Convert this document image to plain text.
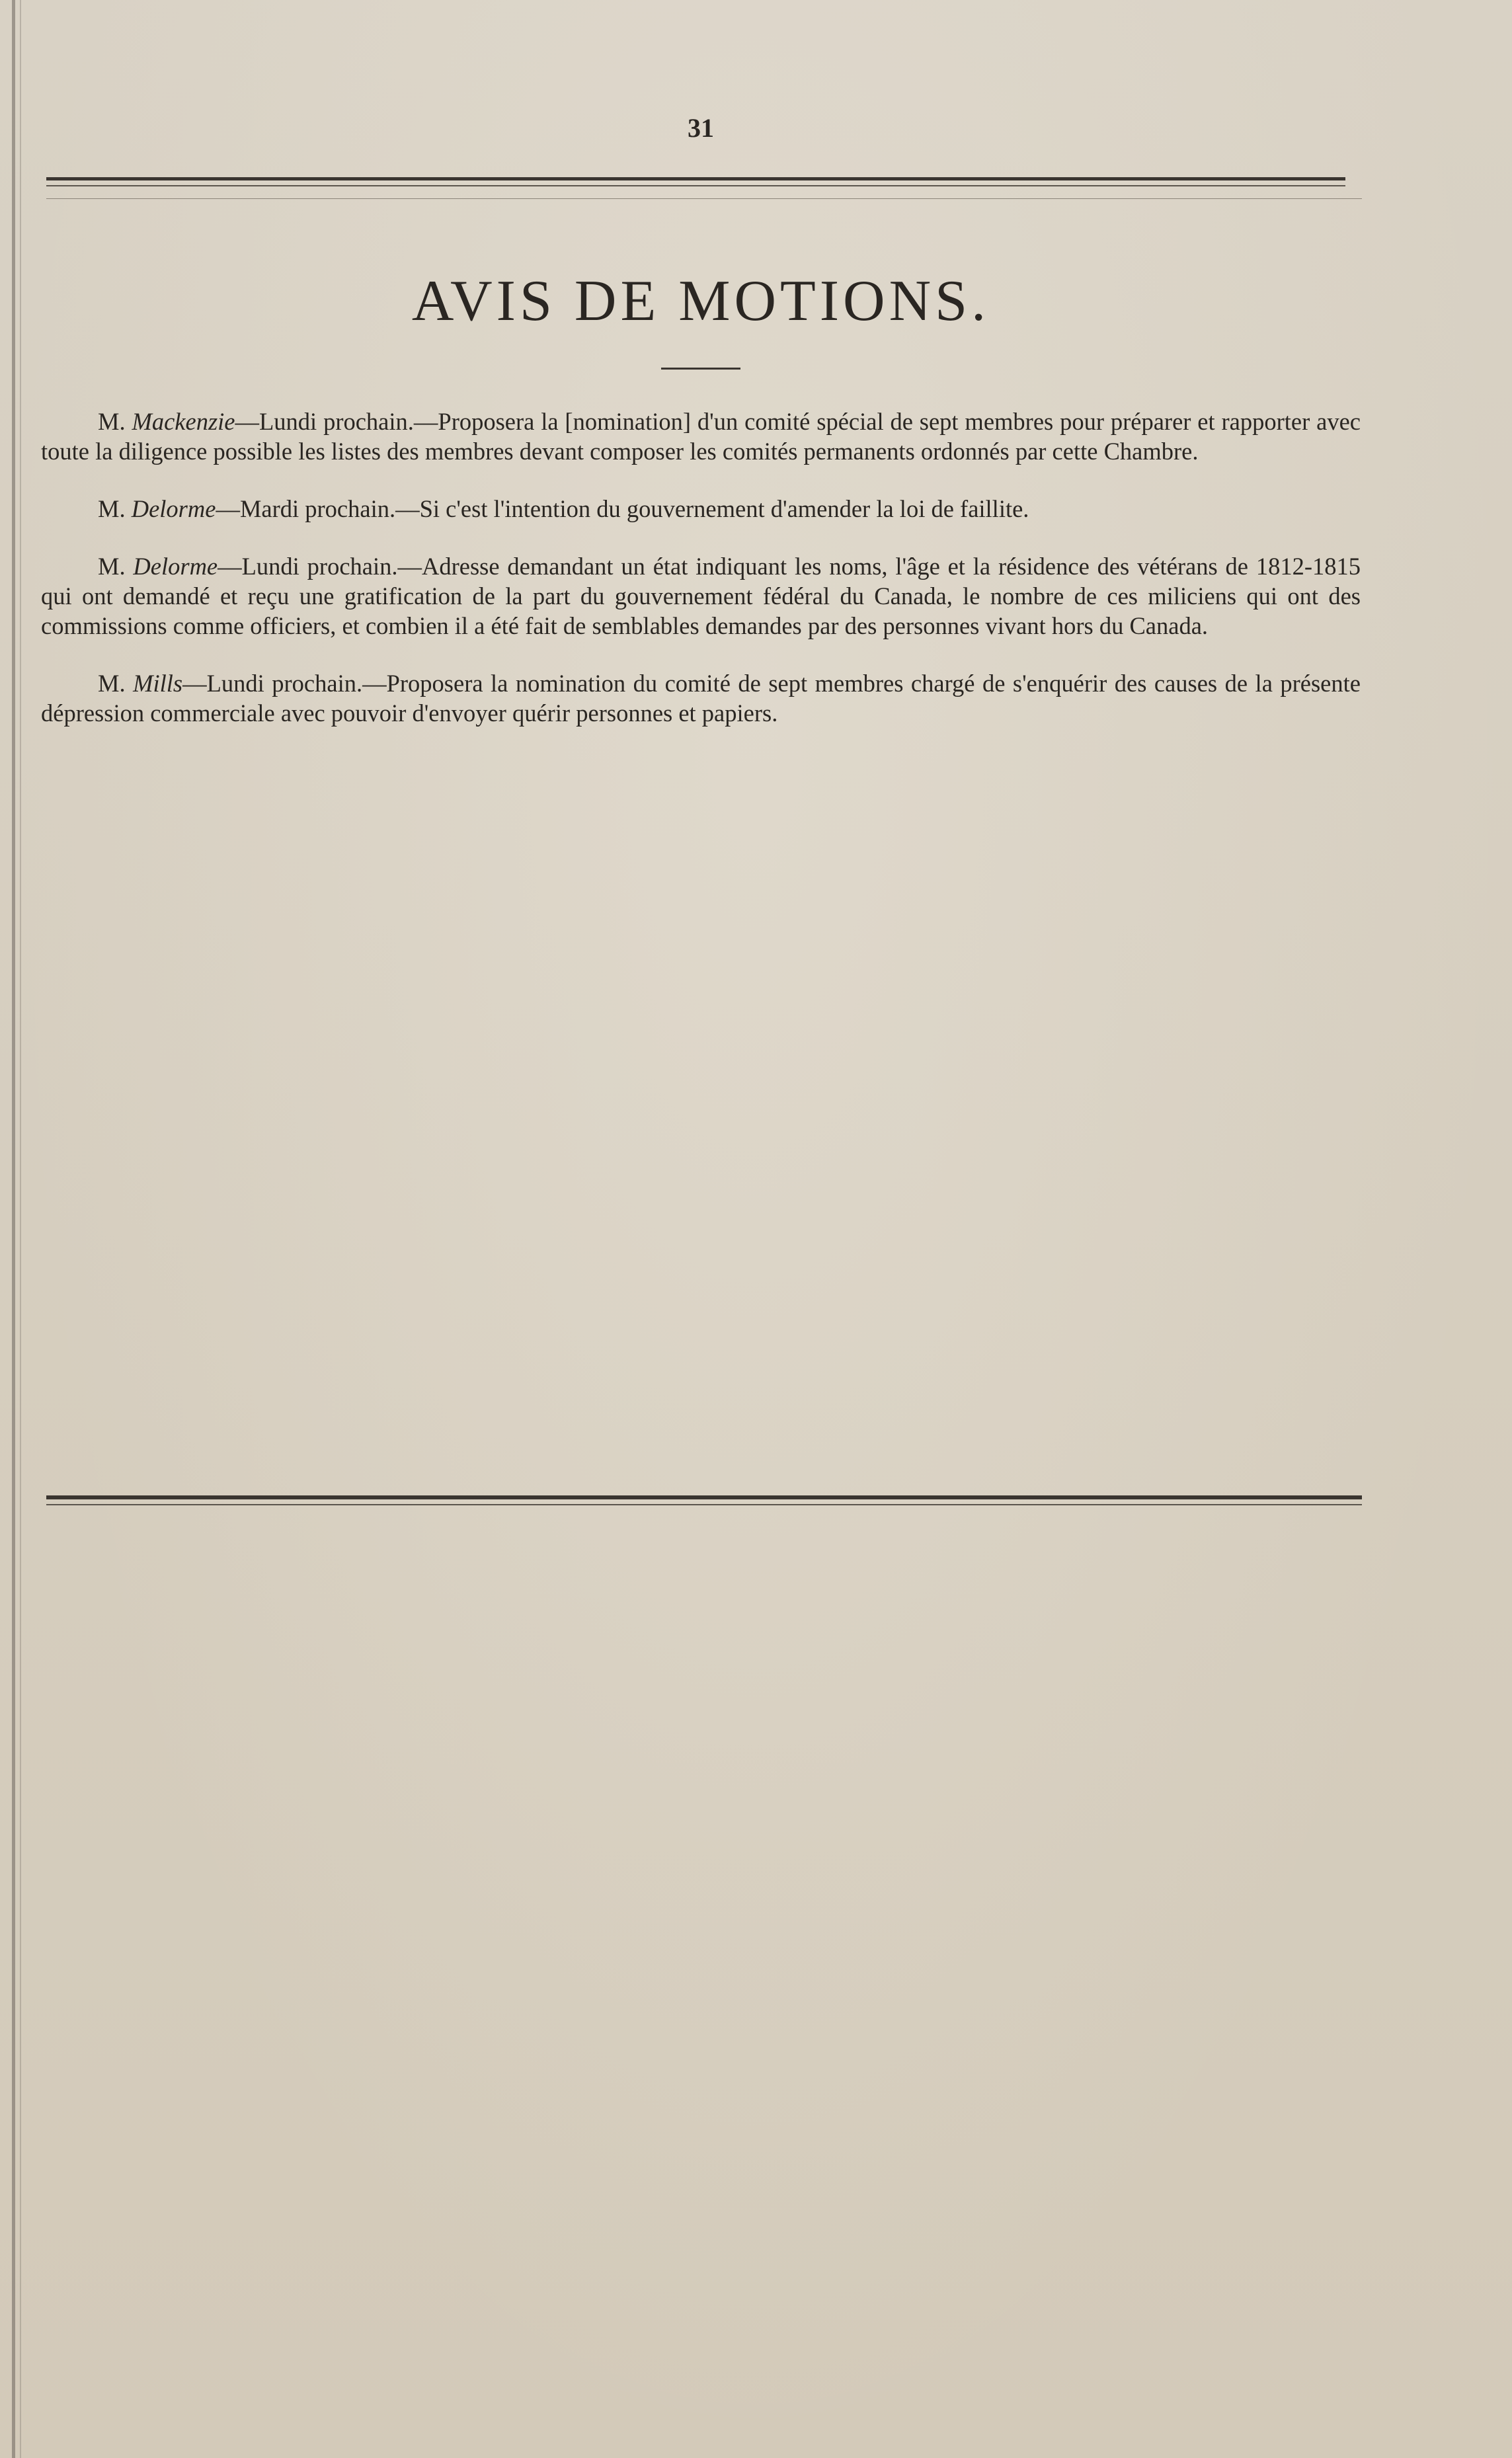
31
AVIS DE MOTIONS.

M. Mackenzie—Lundi prochain.—Proposera la [nomination] d'un comité spécial de sept membres pour préparer et rapporter avec toute la diligence possible les listes des membres devant composer les comités permanents ordonnés par cette Chambre.

M. Delorme—Mardi prochain.—Si c'est l'intention du gouvernement d'amender la loi de faillite.

M. Delorme—Lundi prochain.—Adresse demandant un état indiquant les noms, l'âge et la résidence des vétérans de 1812-1815 qui ont demandé et reçu une gratification de la part du gouvernement fédéral du Canada, le nombre de ces miliciens qui ont des commissions comme officiers, et combien il a été fait de semblables demandes par des personnes vivant hors du Canada.

M. Mills—Lundi prochain.—Proposera la nomination du comité de sept membres chargé de s'enquérir des causes de la présente dépression commerciale avec pouvoir d'envoyer quérir personnes et papiers.
